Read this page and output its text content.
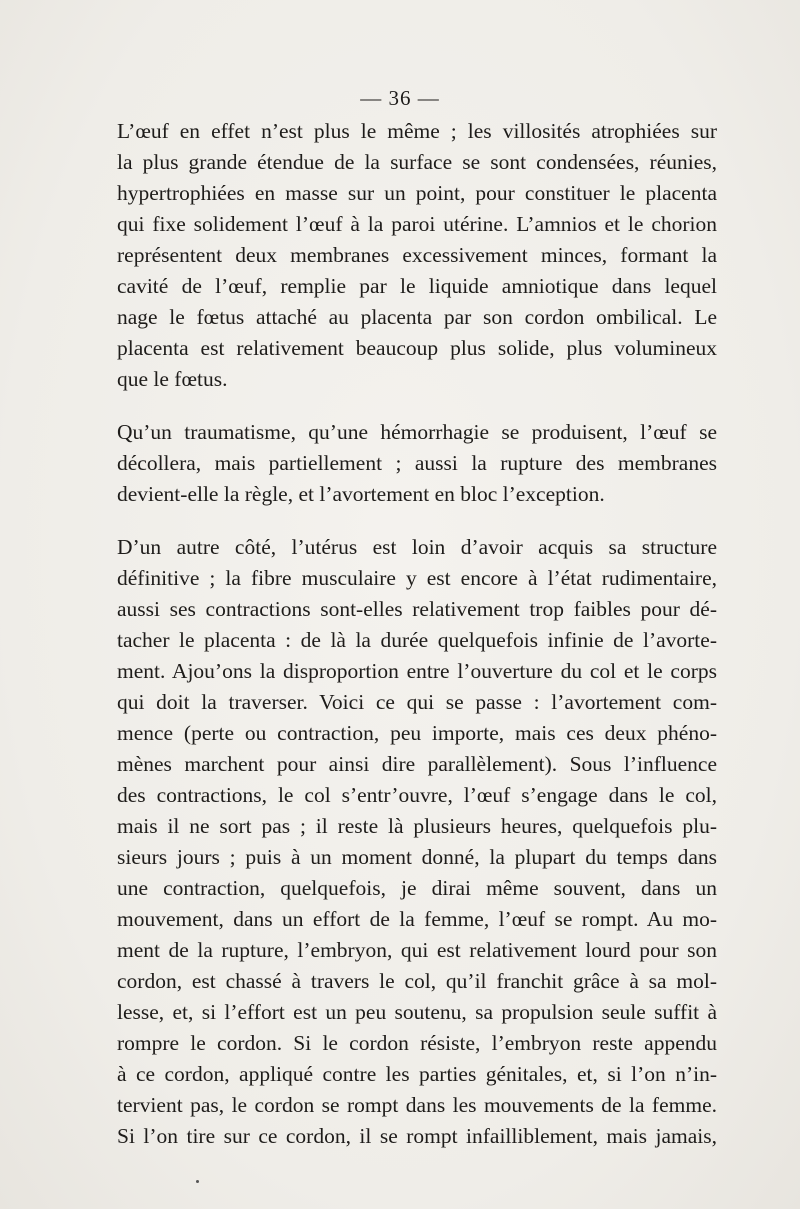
— 36 —
L’œuf en effet n’est plus le même ; les villosités atrophiées sur
la plus grande étendue de la surface se sont condensées, réunies,
hypertrophiées en masse sur un point, pour constituer le placenta
qui fixe solidement l’œuf à la paroi utérine. L’amnios et le chorion
représentent deux membranes excessivement minces, formant la
cavité de l’œuf, remplie par le liquide amniotique dans lequel
nage le fœtus attaché au placenta par son cordon ombilical. Le
placenta est relativement beaucoup plus solide, plus volumineux
que le fœtus.
Qu’un traumatisme, qu’une hémorrhagie se produisent, l’œuf se
décollera, mais partiellement ; aussi la rupture des membranes
devient-elle la règle, et l’avortement en bloc l’exception.
D’un autre côté, l’utérus est loin d’avoir acquis sa structure
définitive ; la fibre musculaire y est encore à l’état rudimentaire,
aussi ses contractions sont-elles relativement trop faibles pour dé-
tacher le placenta : de là la durée quelquefois infinie de l’avorte-
ment. Ajou’ons la disproportion entre l’ouverture du col et le corps
qui doit la traverser. Voici ce qui se passe : l’avortement com-
mence (perte ou contraction, peu importe, mais ces deux phéno-
mènes marchent pour ainsi dire parallèlement). Sous l’influence
des contractions, le col s’entr’ouvre, l’œuf s’engage dans le col,
mais il ne sort pas ; il reste là plusieurs heures, quelquefois plu-
sieurs jours ; puis à un moment donné, la plupart du temps dans
une contraction, quelquefois, je dirai même souvent, dans un
mouvement, dans un effort de la femme, l’œuf se rompt. Au mo-
ment de la rupture, l’embryon, qui est relativement lourd pour son
cordon, est chassé à travers le col, qu’il franchit grâce à sa mol-
lesse, et, si l’effort est un peu soutenu, sa propulsion seule suffit à
rompre le cordon. Si le cordon résiste, l’embryon reste appendu
à ce cordon, appliqué contre les parties génitales, et, si l’on n’in-
tervient pas, le cordon se rompt dans les mouvements de la femme.
Si l’on tire sur ce cordon, il se rompt infailliblement, mais jamais,
